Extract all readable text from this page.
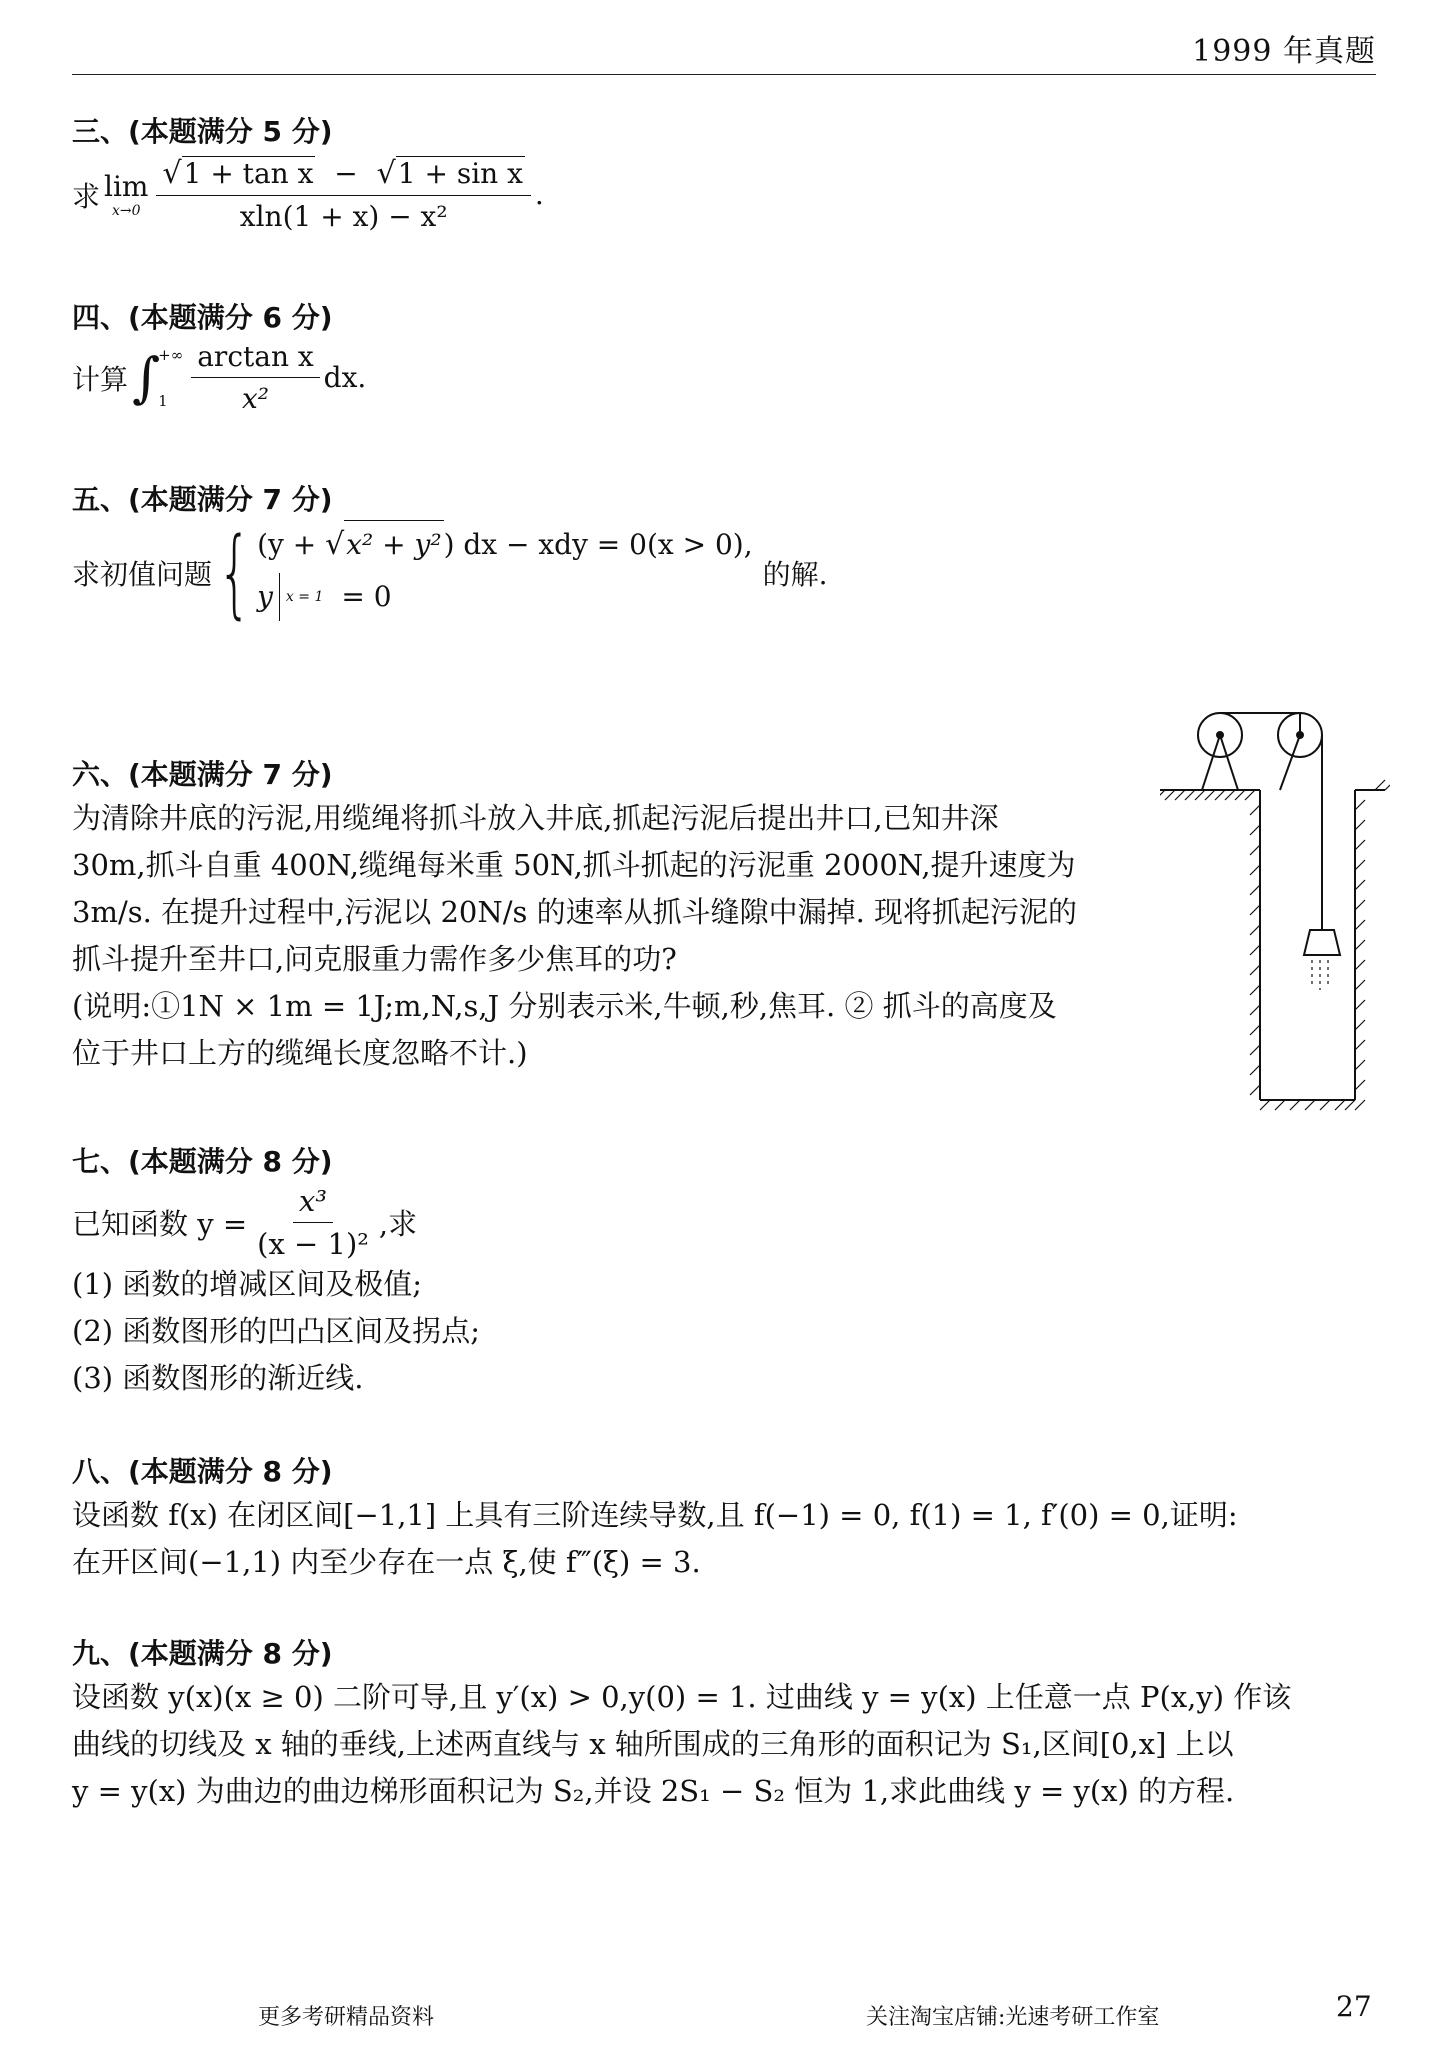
1999 年真题
三、(本题满分 5 分)
求 lim
$x\to 0 \frac{\text{√1 + tan x − √1 + sin x}}{\text{xln(1 + x) − x²}}$ .
四、(本题满分 6 分)
计算 ∫
+∞
$1 \frac{\text{arctan x}}{\text{x²}}$ dx.
五、(本题满分 7 分)
求初值问题 { (y + √x² + y²) dx − xdy = 0(x > 0),
y x = 1 = 0
的解.
六、(本题满分 7 分)
为清除井底的污泥,用缆绳将抓斗放入井底,抓起污泥后提出井口,已知井深
30m,抓斗自重 400N,缆绳每米重 50N,抓斗抓起的污泥重 2000N,提升速度为
3m/s. 在提升过程中,污泥以 20N/s 的速率从抓斗缝隙中漏掉. 现将抓起污泥的
抓斗提升至井口,问克服重力需作多少焦耳的功?
(说明:①1N × 1m = 1J;m,N,s,J 分别表示米,牛顿,秒,焦耳. ② 抓斗的高度及
位于井口上方的缆绳长度忽略不计.)
七、(本题满分 8 分)
已知函数 $y = \frac{\text{x³}}{\text{(x − 1)²}}$ ,求
(1) 函数的增减区间及极值;
(2) 函数图形的凹凸区间及拐点;
(3) 函数图形的渐近线.
八、(本题满分 8 分)
设函数 f(x) 在闭区间[−1,1] 上具有三阶连续导数,且 f(−1) = 0, f(1) = 1, f′(0) = 0,证明:
在开区间(−1,1) 内至少存在一点 ξ,使 f‴(ξ) = 3.
九、(本题满分 8 分)
设函数 y(x)(x ≥ 0) 二阶可导,且 y′(x) > 0,y(0) = 1. 过曲线 y = y(x) 上任意一点 P(x,y) 作该
曲线的切线及 x 轴的垂线,上述两直线与 x 轴所围成的三角形的面积记为 S₁,区间[0,x] 上以
y = y(x) 为曲边的曲边梯形面积记为 S₂,并设 2S₁ − S₂ 恒为 1,求此曲线 y = y(x) 的方程.
更多考研精品资料	关注淘宝店铺:光速考研工作室	27
